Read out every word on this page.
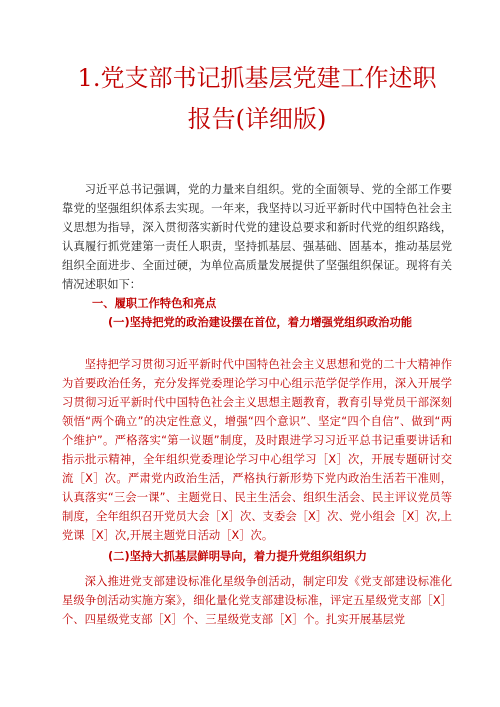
1.党支部书记抓基层党建工作述职
报告(详细版)

习近平总书记强调，党的力量来自组织。党的全面领导、党的全部工作要靠党的坚强组织体系去实现。一年来，我坚持以习近平新时代中国特色社会主义思想为指导，深入贯彻落实新时代党的建设总要求和新时代党的组织路线，认真履行抓党建第一责任人职责，坚持抓基层、强基础、固基本，推动基层党组织全面进步、全面过硬，为单位高质量发展提供了坚强组织保证。现将有关情况述职如下：

一、履职工作特色和亮点
(一)坚持把党的政治建设摆在首位，着力增强党组织政治功能

坚持把学习贯彻习近平新时代中国特色社会主义思想和党的二十大精神作为首要政治任务，充分发挥党委理论学习中心组示范学促学作用，深入开展学习贯彻习近平新时代中国特色社会主义思想主题教育，教育引导党员干部深刻领悟“两个确立”的决定性意义，增强“四个意识”、坚定“四个自信”、做到“两个维护”。严格落实“第一议题”制度，及时跟进学习习近平总书记重要讲话和指示批示精神，全年组织党委理论学习中心组学习［X］次，开展专题研讨交流［X］次。严肃党内政治生活，严格执行新形势下党内政治生活若干准则，认真落实“三会一课”、主题党日、民主生活会、组织生活会、民主评议党员等制度，全年组织召开党员大会［X］次、支委会［X］次、党小组会［X］次,上党课［X］次,开展主题党日活动［X］次。

(二)坚持大抓基层鲜明导向，着力提升党组织组织力

深入推进党支部建设标准化星级争创活动，制定印发《党支部建设标准化星级争创活动实施方案》，细化量化党支部建设标准，评定五星级党支部［X］个、四星级党支部［X］个、三星级党支部［X］个。扎实开展基层党
